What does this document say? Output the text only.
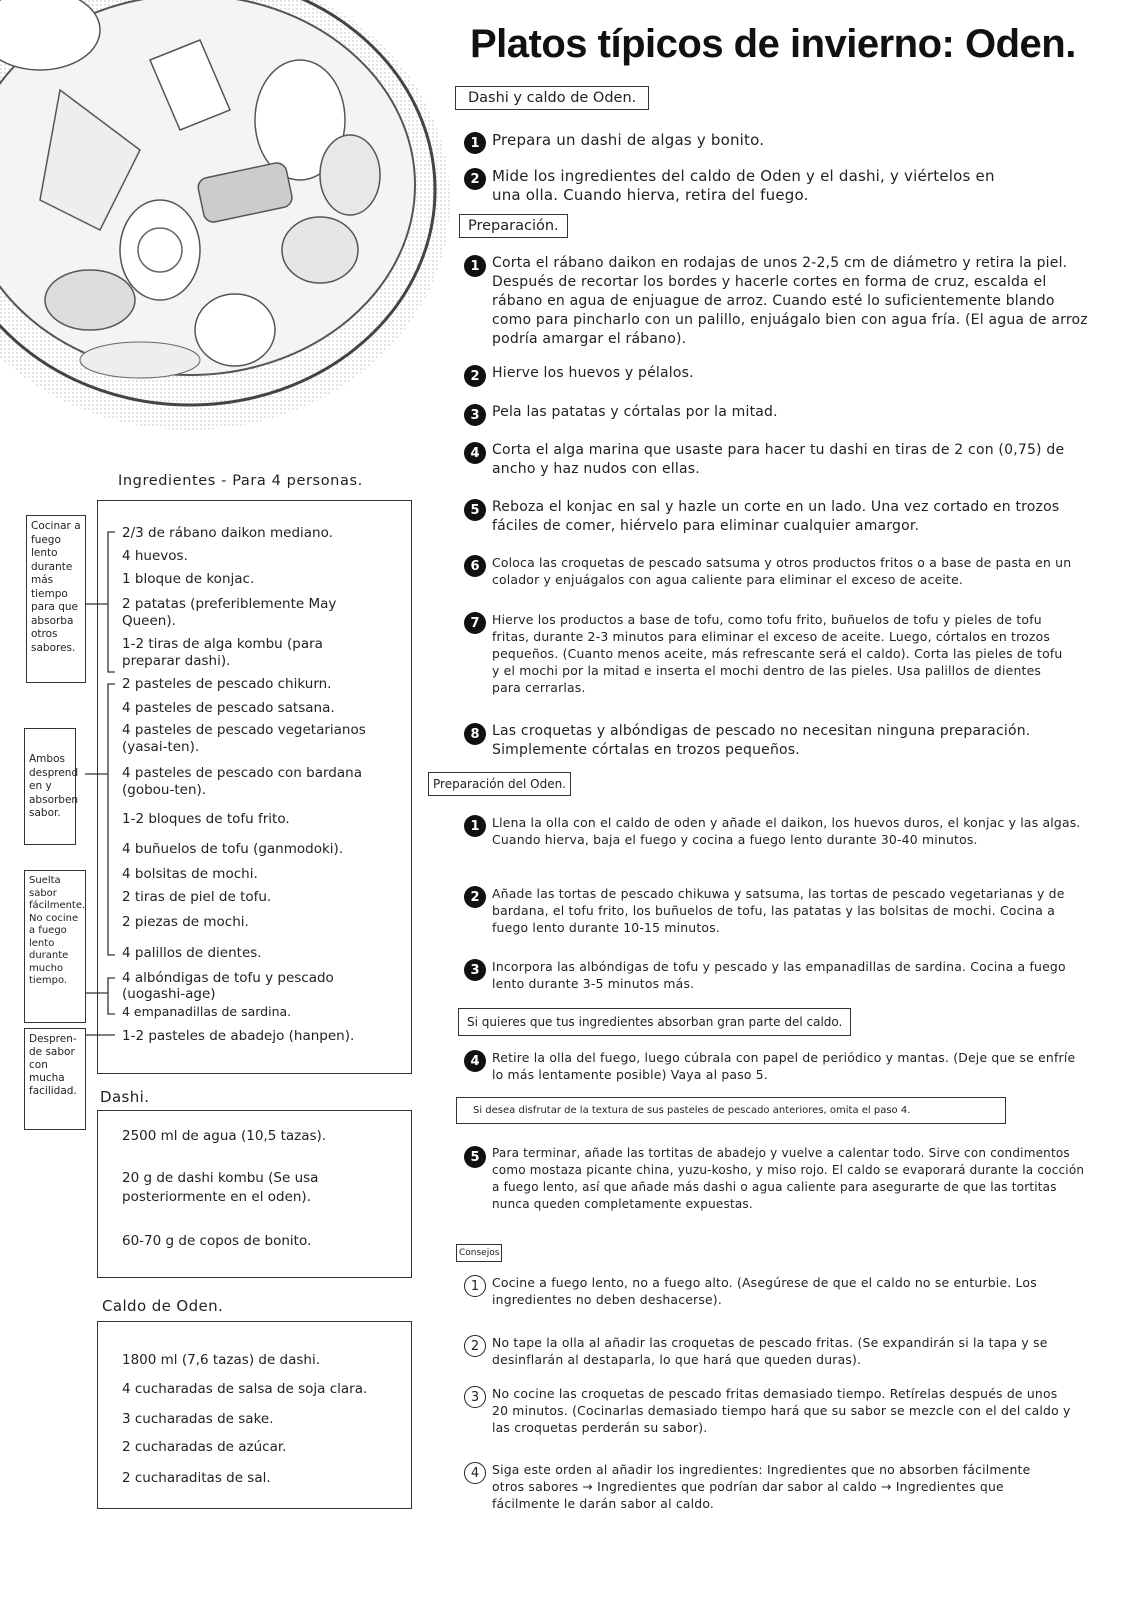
Platos típicos de invierno: Oden.
Dashi y caldo de Oden.
1 Prepara un dashi de algas y bonito.
2 Mide los ingredientes del caldo de Oden y el dashi, y viértelos en una olla. Cuando hierva, retira del fuego.
Preparación.
1 Corta el rábano daikon en rodajas de unos 2-2,5 cm de diámetro y retira la piel. Después de recortar los bordes y hacerle cortes en forma de cruz, escalda el rábano en agua de enjuague de arroz. Cuando esté lo suficientemente blando como para pincharlo con un palillo, enjuágalo bien con agua fría. (El agua de arroz podría amargar el rábano).
2 Hierve los huevos y pélalos.
3 Pela las patatas y córtalas por la mitad.
4 Corta el alga marina que usaste para hacer tu dashi en tiras de 2 con (0,75) de ancho y haz nudos con ellas.
5 Reboza el konjac en sal y hazle un corte en un lado. Una vez cortado en trozos fáciles de comer, hiérvelo para eliminar cualquier amargor.
6	Coloca las croquetas de pescado satsuma y otros productos fritos o a base de pasta en un colador y enjuágalos con agua caliente para eliminar el exceso de aceite.
7	Hierve los productos a base de tofu, como tofu frito, buñuelos de tofu y pieles de tofu fritas, durante 2-3 minutos para eliminar el exceso de aceite. Luego, córtalos en trozos pequeños. (Cuanto menos aceite, más refrescante será el caldo). Corta las pieles de tofu y el mochi por la mitad e inserta el mochi dentro de las pieles. Usa palillos de dientes para cerrarlas.
8 Las croquetas y albóndigas de pescado no necesitan ninguna preparación. Simplemente córtalas en trozos pequeños.
Preparación del Oden.
1	Llena la olla con el caldo de oden y añade el daikon, los huevos duros, el konjac y las algas. Cuando hierva, baja el fuego y cocina a fuego lento durante 30-40 minutos.
2	Añade las tortas de pescado chikuwa y satsuma, las tortas de pescado vegetarianas y de bardana, el tofu frito, los buñuelos de tofu, las patatas y las bolsitas de mochi. Cocina a fuego lento durante 10-15 minutos.
3	Incorpora las albóndigas de tofu y pescado y las empanadillas de sardina. Cocina a fuego lento durante 3-5 minutos más.
Si quieres que tus ingredientes absorban gran parte del caldo.
4	Retire la olla del fuego, luego cúbrala con papel de periódico y mantas. (Deje que se enfríe lo más lentamente posible) Vaya al paso 5.
Si desea disfrutar de la textura de sus pasteles de pescado anteriores, omita el paso 4.
5	Para terminar, añade las tortitas de abadejo y vuelve a calentar todo. Sirve con condimentos como mostaza picante china, yuzu-kosho, y miso rojo. El caldo se evaporará durante la cocción a fuego lento, así que añade más dashi o agua caliente para asegurarte de que las tortitas nunca queden completamente expuestas.
Consejos
1	Cocine a fuego lento, no a fuego alto. (Asegúrese de que el caldo no se enturbie. Los ingredientes no deben deshacerse).
2	No tape la olla al añadir las croquetas de pescado fritas. (Se expandirán si la tapa y se desinflarán al destaparla, lo que hará que queden duras).
3	No cocine las croquetas de pescado fritas demasiado tiempo. Retírelas después de unos 20 minutos. (Cocinarlas demasiado tiempo hará que su sabor se mezcle con el del caldo y las croquetas perderán su sabor).
4	Siga este orden al añadir los ingredientes: Ingredientes que no absorben fácilmente otros sabores → Ingredientes que podrían dar sabor al caldo → Ingredientes que fácilmente le darán sabor al caldo.
Ingredientes - Para 4 personas.
2/3 de rábano daikon mediano.
4 huevos.
1 bloque de konjac.
2 patatas (preferiblemente May Queen).
1-2 tiras de alga kombu (para preparar dashi).
2 pasteles de pescado chikurn.
4 pasteles de pescado satsana.
4 pasteles de pescado vegetarianos (yasai-ten).
4 pasteles de pescado con bardana (gobou-ten).
1-2 bloques de tofu frito.
4 buñuelos de tofu (ganmodoki).
4 bolsitas de mochi.
2 tiras de piel de tofu.
2 piezas de mochi.
4 palillos de dientes.
4 albóndigas de tofu y pescado (uogashi-age)
4 empanadillas de sardina.
1-2 pasteles de abadejo (hanpen).
Cocinar a fuego lento durante más tiempo para que absorba otros sabores.
Ambos desprend en y absorben sabor.
Suelta sabor fácilmente. No cocine a fuego lento durante mucho tiempo.
Despren-de sabor con mucha facilidad.	Dashi.
2500 ml de agua (10,5 tazas).
20 g de dashi kombu (Se usa posteriormente en el oden).
60-70 g de copos de bonito.
Caldo de Oden.
1800 ml (7,6 tazas) de dashi.
4 cucharadas de salsa de soja clara.
3 cucharadas de sake.
2 cucharadas de azúcar.
2 cucharaditas de sal.
